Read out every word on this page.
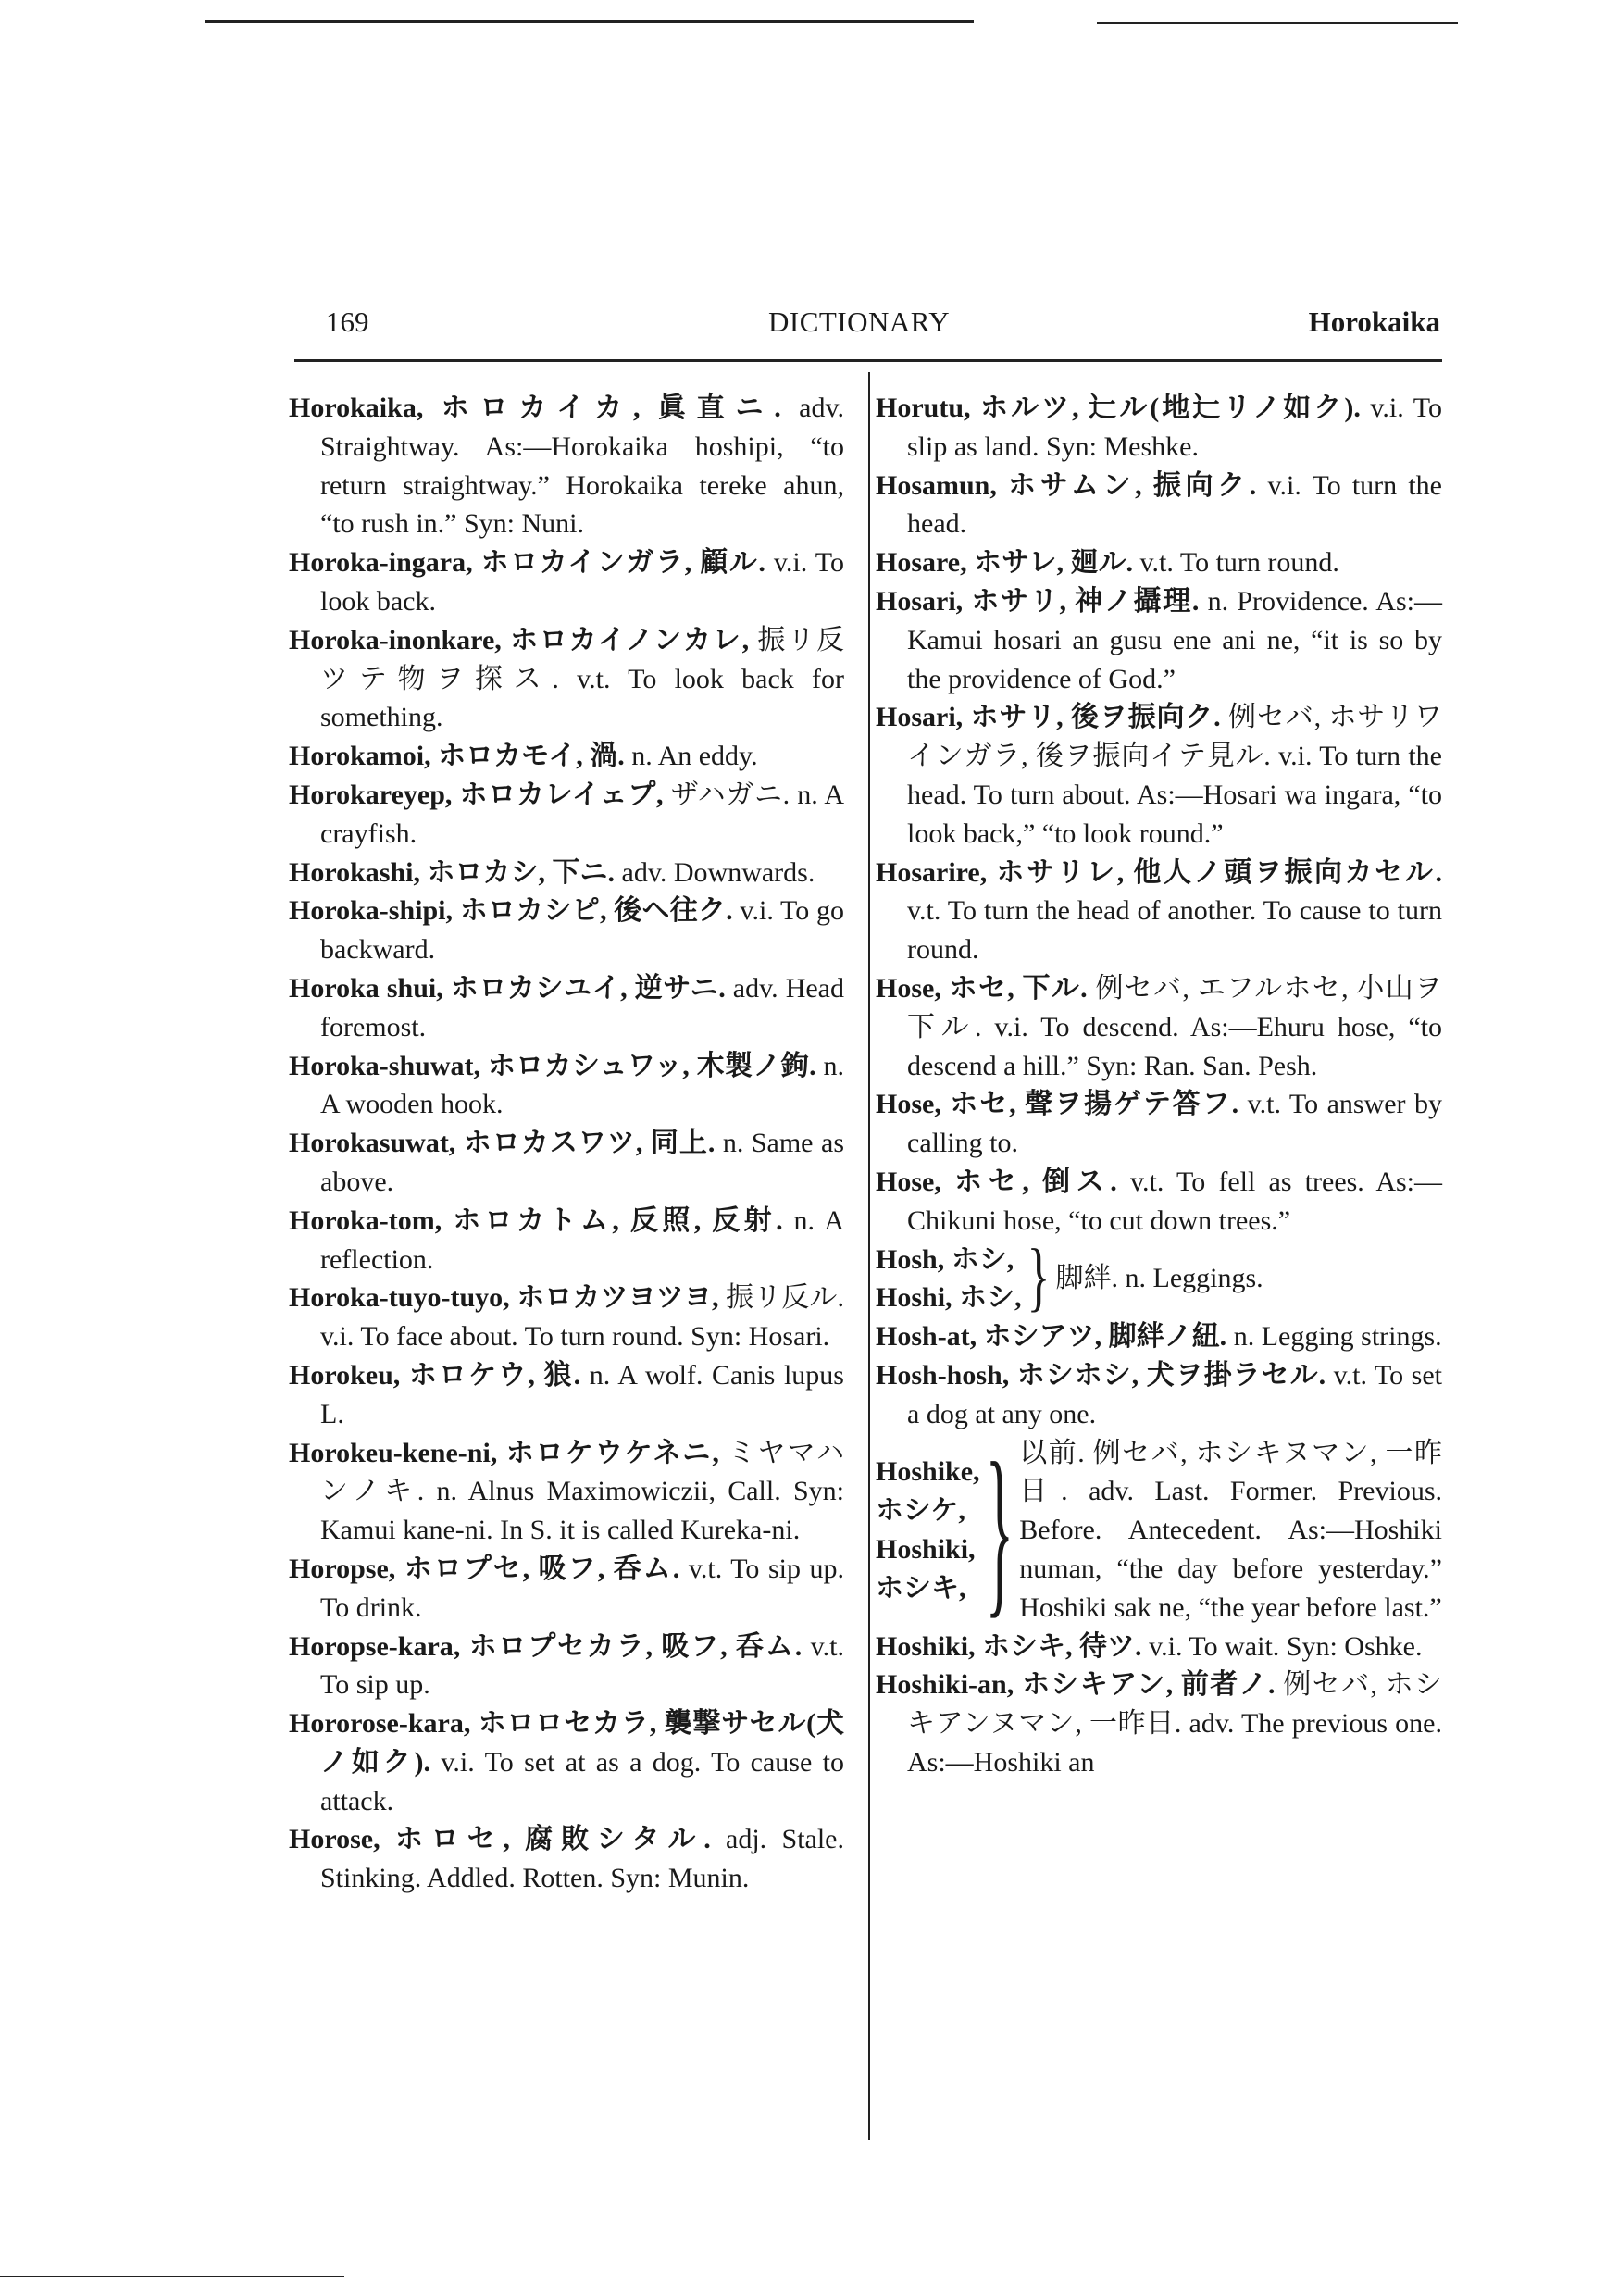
169	DICTIONARY	Horokaika
Horokaika, ホロカイカ, 眞直ニ. adv. Straightway. As:—Horokaika hoshipi, “to return straightway.” Horokaika tereke ahun, “to rush in.” Syn: Nuni.
Horoka-ingara, ホロカインガラ, 顧ル. v.i. To look back.
Horoka-inonkare, ホロカイノンカレ, 振リ反ツテ物ヲ探ス. v.t. To look back for something.
Horokamoi, ホロカモイ, 渦. n. An eddy.
Horokareyep, ホロカレイェプ, ザハガニ. n. A crayfish.
Horokashi, ホロカシ, 下ニ. adv. Downwards.
Horoka-shipi, ホロカシピ, 後ヘ往ク. v.i. To go backward.
Horoka shui, ホロカシユイ, 逆サニ. adv. Head foremost.
Horoka-shuwat, ホロカシュワッ, 木製ノ鉤. n. A wooden hook.
Horokasuwat, ホロカスワツ, 同上. n. Same as above.
Horoka-tom, ホロカトム, 反照, 反射. n. A reflection.
Horoka-tuyo-tuyo, ホロカツヨツヨ, 振リ反ル. v.i. To face about. To turn round. Syn: Hosari.
Horokeu, ホロケウ, 狼. n. A wolf. Canis lupus L.
Horokeu-kene-ni, ホロケウケネニ, ミヤマハンノキ. n. Alnus Maximowiczii, Call. Syn: Kamui kane-ni. In S. it is called Kureka-ni.
Horopse, ホロプセ, 吸フ, 呑ム. v.t. To sip up. To drink.
Horopse-kara, ホロプセカラ, 吸フ, 呑ム. v.t. To sip up.
Hororose-kara, ホロロセカラ, 襲撃サセル(犬ノ如ク). v.i. To set at as a dog. To cause to attack.
Horose, ホロセ, 腐敗シタル. adj. Stale. Stinking. Addled. Rotten. Syn: Munin.
Horutu, ホルツ, 辷ル(地辷リノ如ク). v.i. To slip as land. Syn: Meshke.
Hosamun, ホサムン, 振向ク. v.i. To turn the head.
Hosare, ホサレ, 廻ル. v.t. To turn round.
Hosari, ホサリ, 神ノ攝理. n. Providence. As:—Kamui hosari an gusu ene ani ne, “it is so by the providence of God.”
Hosari, ホサリ, 後ヲ振向ク. 例セバ, ホサリワインガラ, 後ヲ振向イテ見ル. v.i. To turn the head. To turn about. As:—Hosari wa ingara, “to look back,” “to look round.”
Hosarire, ホサリレ, 他人ノ頭ヲ振向カセル. v.t. To turn the head of another. To cause to turn round.
Hose, ホセ, 下ル. 例セバ, エフルホセ, 小山ヲ下ル. v.i. To descend. As:—Ehuru hose, “to descend a hill.” Syn: Ran. San. Pesh.
Hose, ホセ, 聲ヲ揚ゲテ答フ. v.t. To answer by calling to.
Hose, ホセ, 倒ス. v.t. To fell as trees. As:—Chikuni hose, “to cut down trees.”
Hosh, ホシ,
Hoshi, ホシ, } 脚絆. n. Leggings.
Hosh-at, ホシアツ, 脚絆ノ紐. n. Legging strings.
Hosh-hosh, ホシホシ, 犬ヲ掛ラセル. v.t. To set a dog at any one.
Hoshike,
ホシケ,
Hoshiki,
ホシキ, } 以前. 例セバ, ホシキヌマン, 一昨日. adv. Last. Former. Previous. Before. Antecedent. As:—Hoshiki numan, “the day before yesterday.” Hoshiki sak ne, “the year before last.”
Hoshiki, ホシキ, 待ツ. v.i. To wait. Syn: Oshke.
Hoshiki-an, ホシキアン, 前者ノ. 例セバ, ホシキアンヌマン, 一昨日. adv. The previous one. As:—Hoshiki an
